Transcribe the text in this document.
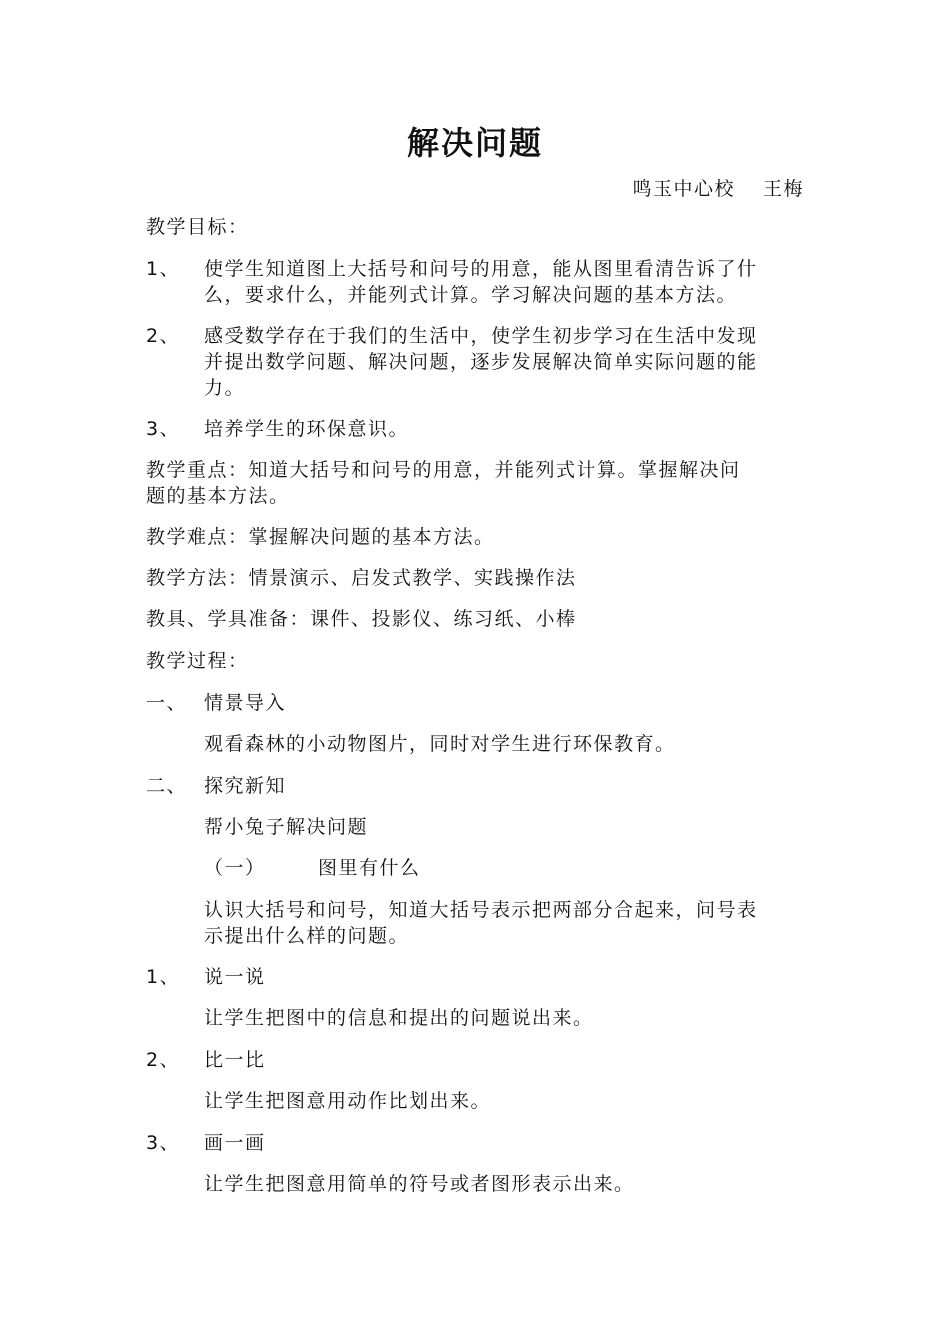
解决问题
鸣玉中心校　 王梅
教学目标：
1、	使学生知道图上大括号和问号的用意，能从图里看清告诉了什
么，要求什么，并能列式计算。学习解决问题的基本方法。
2、	感受数学存在于我们的生活中，使学生初步学习在生活中发现
并提出数学问题、解决问题，逐步发展解决简单实际问题的能
力。
3、	培养学生的环保意识。
教学重点：知道大括号和问号的用意，并能列式计算。掌握解决问
题的基本方法。
教学难点：掌握解决问题的基本方法。
教学方法：情景演示、启发式教学、实践操作法
教具、学具准备：课件、投影仪、练习纸、小棒
教学过程：
一、 情景导入
观看森林的小动物图片，同时对学生进行环保教育。
二、 探究新知
帮小兔子解决问题
（一）	图里有什么
认识大括号和问号，知道大括号表示把两部分合起来，问号表
示提出什么样的问题。
1、	说一说
让学生把图中的信息和提出的问题说出来。
2、	比一比
让学生把图意用动作比划出来。
3、	画一画
让学生把图意用简单的符号或者图形表示出来。
